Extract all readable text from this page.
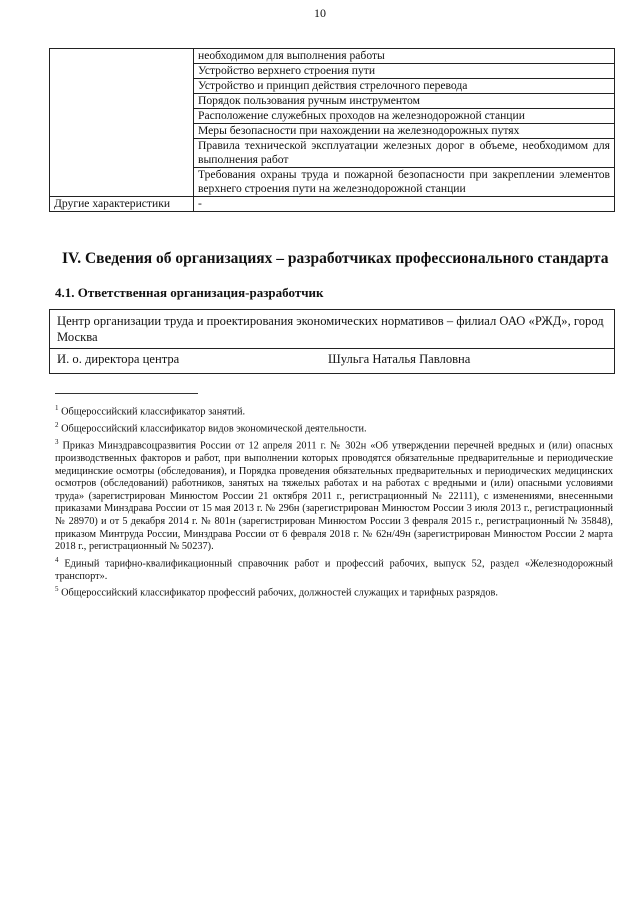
10
	необходимом для выполнения работы
	Устройство верхнего строения пути
	Устройство и принцип действия стрелочного перевода
	Порядок пользования ручным инструментом
	Расположение служебных проходов на железнодорожной станции
	Меры безопасности при нахождении на железнодорожных путях
	Правила технической эксплуатации железных дорог в объеме, необходимом для выполнения работ
	Требования охраны труда и пожарной безопасности при закреплении элементов верхнего строения пути на железнодорожной станции
Другие характеристики	-
IV. Сведения об организациях – разработчиках профессионального стандарта
4.1. Ответственная организация-разработчик
Центр организации труда и проектирования экономических нормативов – филиал ОАО «РЖД», город Москва
И. о. директора центра	Шульга Наталья Павловна

$^1$ Общероссийский классификатор занятий.

$^2$ Общероссийский классификатор видов экономической деятельности.

$^3$ Приказ Минздравсоцразвития России от 12 апреля 2011 г. № 302н «Об утверждении перечней вредных и (или) опасных производственных факторов и работ, при выполнении которых проводятся обязательные предварительные и периодические медицинские осмотры (обследования), и Порядка проведения обязательных предварительных и периодических медицинских осмотров (обследований) работников, занятых на тяжелых работах и на работах с вредными и (или) опасными условиями труда» (зарегистрирован Минюстом России 21 октября 2011 г., регистрационный № 22111), с изменениями, внесенными приказами Минздрава России от 15 мая 2013 г. № 296н (зарегистрирован Минюстом России 3 июля 2013 г., регистрационный № 28970) и от 5 декабря 2014 г. № 801н (зарегистрирован Минюстом России 3 февраля 2015 г., регистрационный № 35848), приказом Минтруда России, Минздрава России от 6 февраля 2018 г. № 62н/49н (зарегистрирован Минюстом России 2 марта 2018 г., регистрационный № 50237).

$^4$ Единый тарифно-квалификационный справочник работ и профессий рабочих, выпуск 52, раздел «Железнодорожный транспорт».

$^5$ Общероссийский классификатор профессий рабочих, должностей служащих и тарифных разрядов.
